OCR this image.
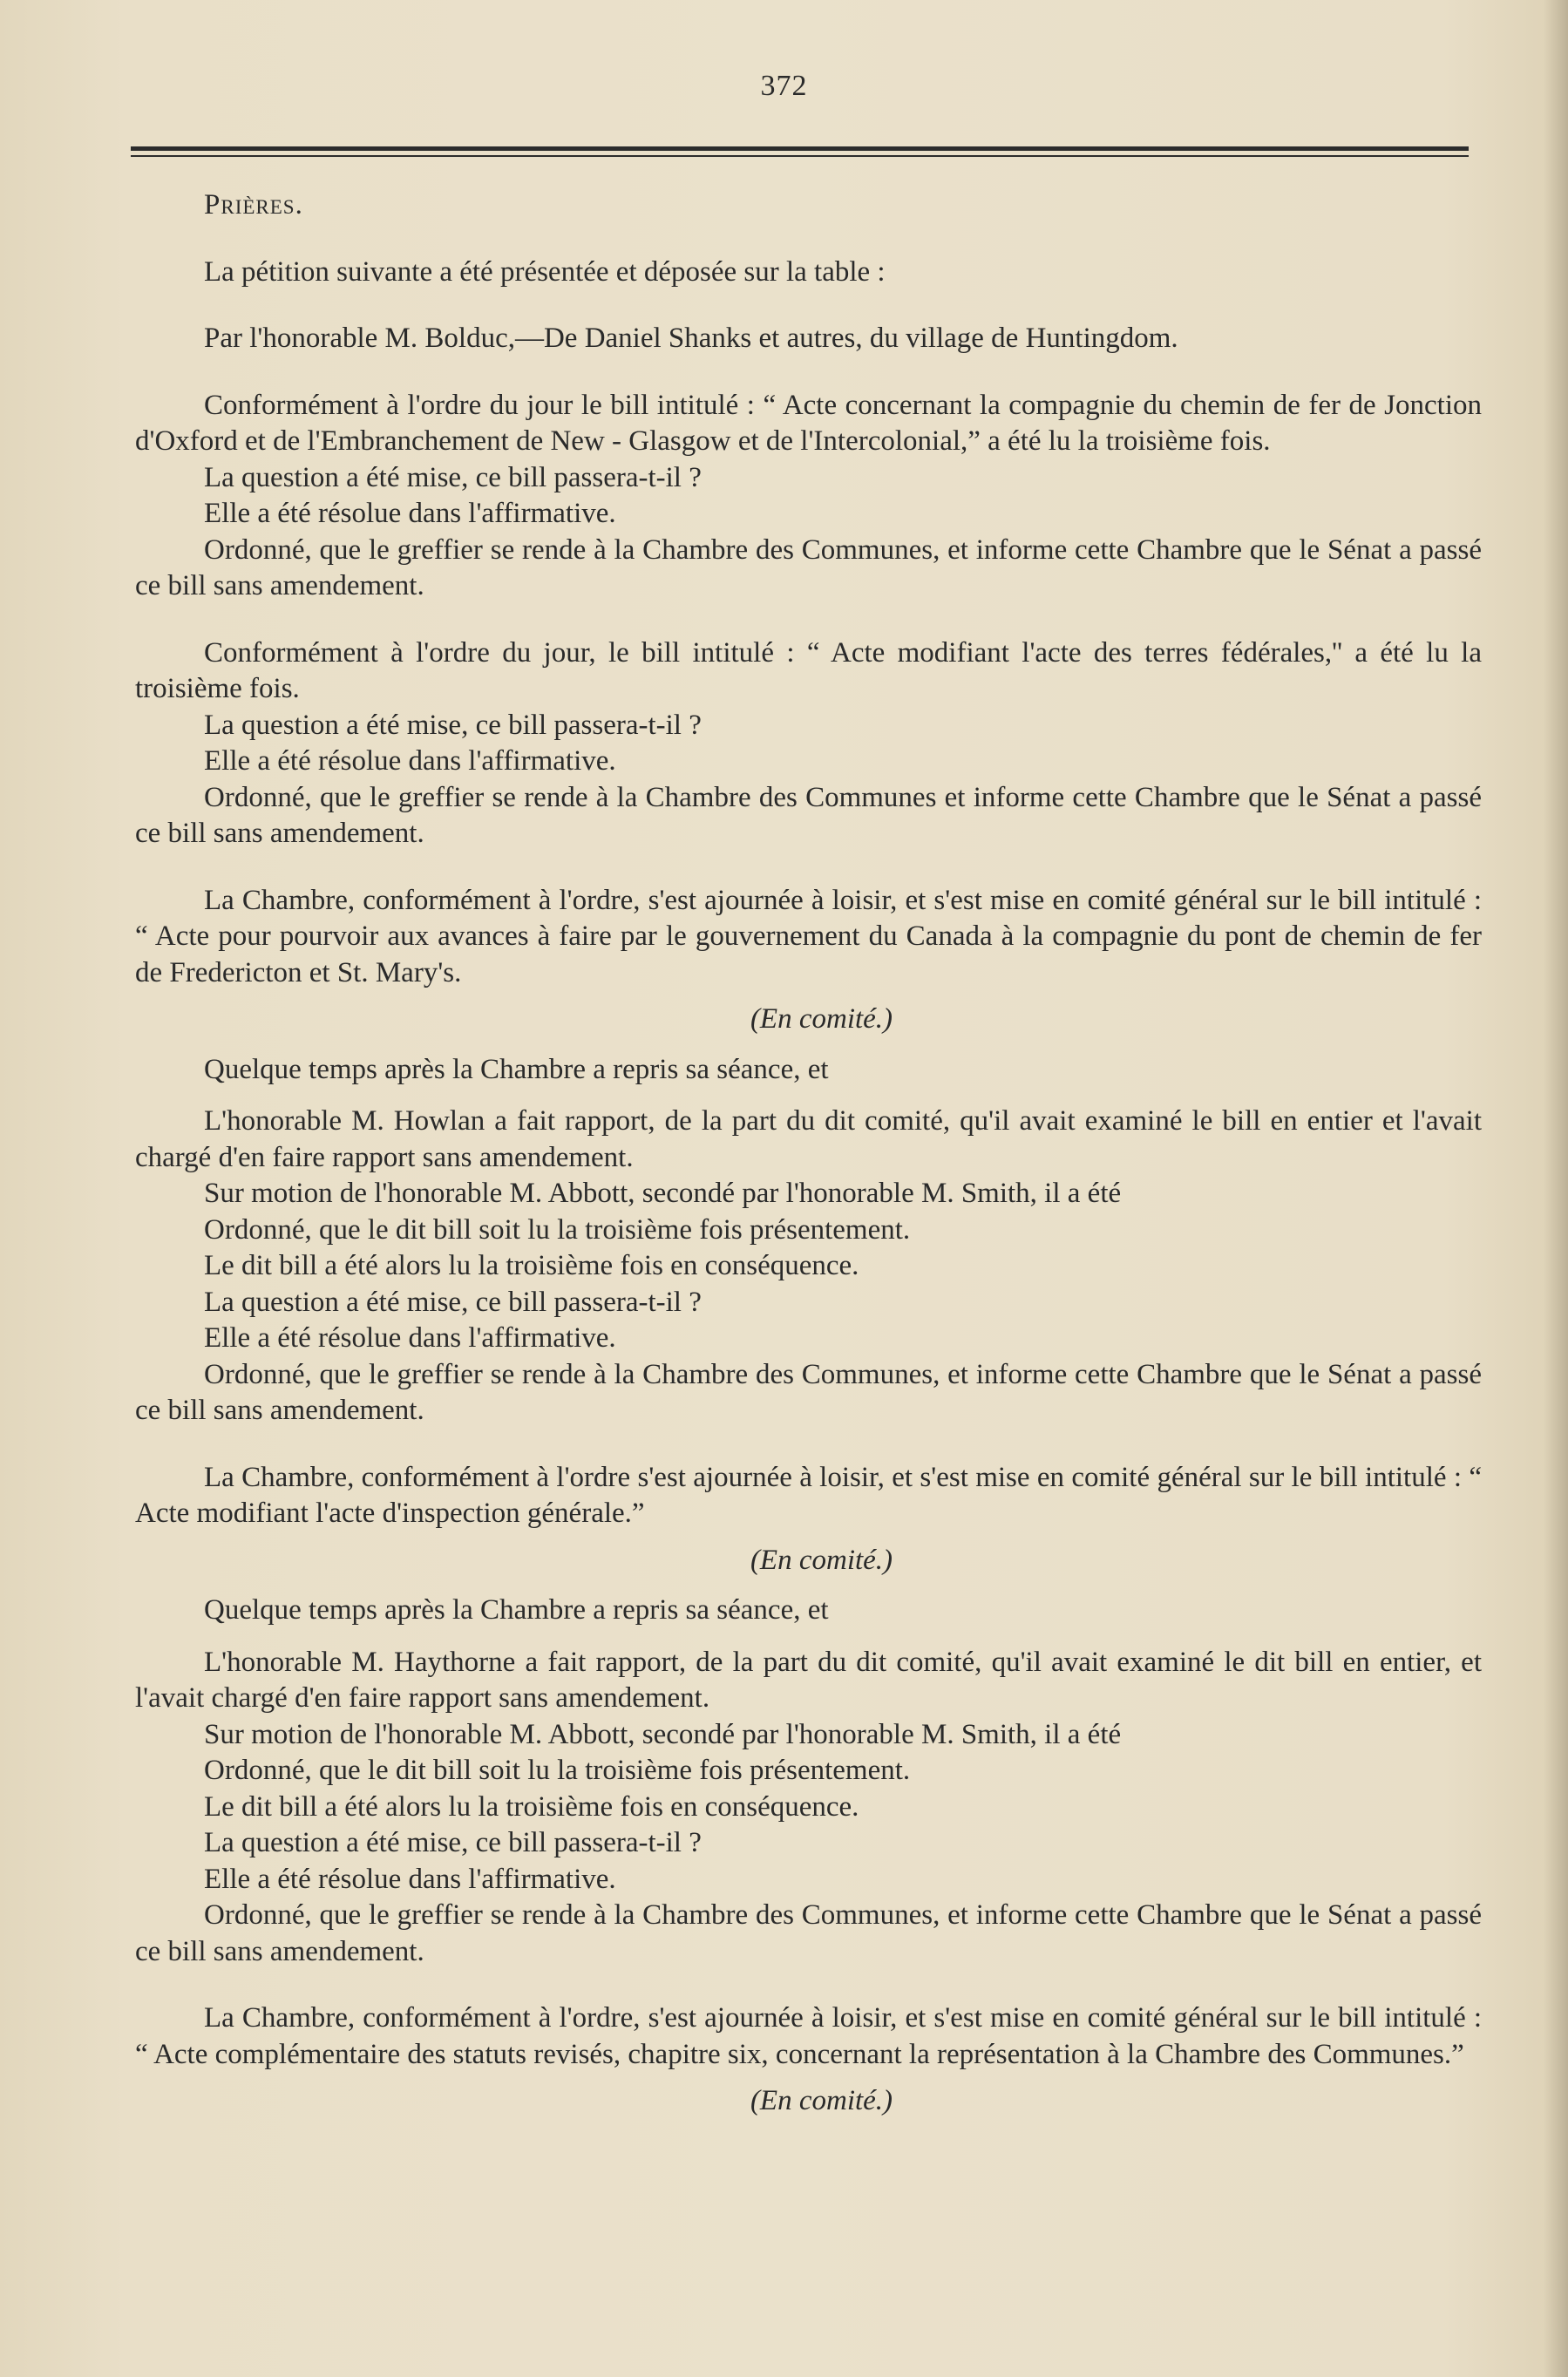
372

Prières.

La pétition suivante a été présentée et déposée sur la table :

Par l'honorable M. Bolduc,—De Daniel Shanks et autres, du village de Huntingdom.

Conformément à l'ordre du jour le bill intitulé : “ Acte concernant la compagnie du chemin de fer de Jonction d'Oxford et de l'Embranchement de New - Glasgow et de l'Intercolonial,” a été lu la troisième fois.

La question a été mise, ce bill passera-t-il ?

Elle a été résolue dans l'affirmative.

Ordonné, que le greffier se rende à la Chambre des Communes, et informe cette Chambre que le Sénat a passé ce bill sans amendement.

Conformément à l'ordre du jour, le bill intitulé : “ Acte modifiant l'acte des terres fédérales,'' a été lu la troisième fois.

La question a été mise, ce bill passera-t-il ?

Elle a été résolue dans l'affirmative.

Ordonné, que le greffier se rende à la Chambre des Communes et informe cette Chambre que le Sénat a passé ce bill sans amendement.

La Chambre, conformément à l'ordre, s'est ajournée à loisir, et s'est mise en comité général sur le bill intitulé : “ Acte pour pourvoir aux avances à faire par le gouvernement du Canada à la compagnie du pont de chemin de fer de Fredericton et St. Mary's.

(En comité.)

Quelque temps après la Chambre a repris sa séance, et

L'honorable M. Howlan a fait rapport, de la part du dit comité, qu'il avait examiné le bill en entier et l'avait chargé d'en faire rapport sans amendement.

Sur motion de l'honorable M. Abbott, secondé par l'honorable M. Smith, il a été

Ordonné, que le dit bill soit lu la troisième fois présentement.

Le dit bill a été alors lu la troisième fois en conséquence.

La question a été mise, ce bill passera-t-il ?

Elle a été résolue dans l'affirmative.

Ordonné, que le greffier se rende à la Chambre des Communes, et informe cette Chambre que le Sénat a passé ce bill sans amendement.

La Chambre, conformément à l'ordre s'est ajournée à loisir, et s'est mise en comité général sur le bill intitulé : “ Acte modifiant l'acte d'inspection générale.”

(En comité.)

Quelque temps après la Chambre a repris sa séance, et

L'honorable M. Haythorne a fait rapport, de la part du dit comité, qu'il avait examiné le dit bill en entier, et l'avait chargé d'en faire rapport sans amendement.

Sur motion de l'honorable M. Abbott, secondé par l'honorable M. Smith, il a été

Ordonné, que le dit bill soit lu la troisième fois présentement.

Le dit bill a été alors lu la troisième fois en conséquence.

La question a été mise, ce bill passera-t-il ?

Elle a été résolue dans l'affirmative.

Ordonné, que le greffier se rende à la Chambre des Communes, et informe cette Chambre que le Sénat a passé ce bill sans amendement.

La Chambre, conformément à l'ordre, s'est ajournée à loisir, et s'est mise en comité général sur le bill intitulé : “ Acte complémentaire des statuts revisés, chapitre six, concernant la représentation à la Chambre des Communes.”

(En comité.)
